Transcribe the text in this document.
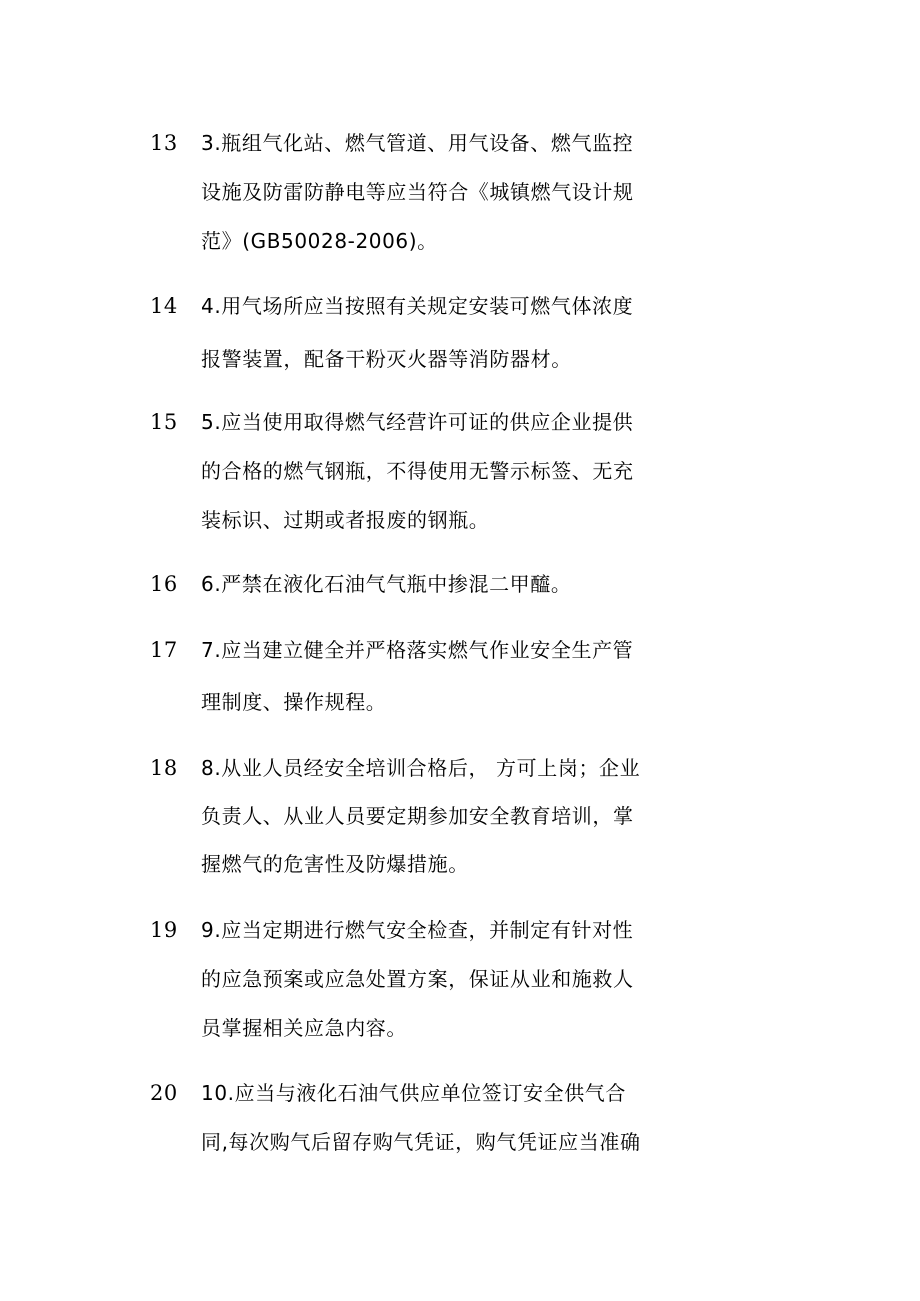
13 3.瓶组气化站、燃气管道、用气设备、燃气监控
设施及防雷防静电等应当符合《城镇燃气设计规
范》(GB50028-2006)。
14 4.用气场所应当按照有关规定安装可燃气体浓度
报警装置，配备干粉灭火器等消防器材。
15 5.应当使用取得燃气经营许可证的供应企业提供
的合格的燃气钢瓶，不得使用无警示标签、无充
装标识、过期或者报废的钢瓶。
16 6.严禁在液化石油气气瓶中掺混二甲醯。
17 7.应当建立健全并严格落实燃气作业安全生产管
理制度、操作规程。
18 8.从业人员经安全培训合格后， 方可上岗；企业
负责人、从业人员要定期参加安全教育培训，掌
握燃气的危害性及防爆措施。
19 9.应当定期进行燃气安全检查，并制定有针对性
的应急预案或应急处置方案，保证从业和施救人
员掌握相关应急内容。
20 10.应当与液化石油气供应单位签订安全供气合
同,每次购气后留存购气凭证，购气凭证应当准确
